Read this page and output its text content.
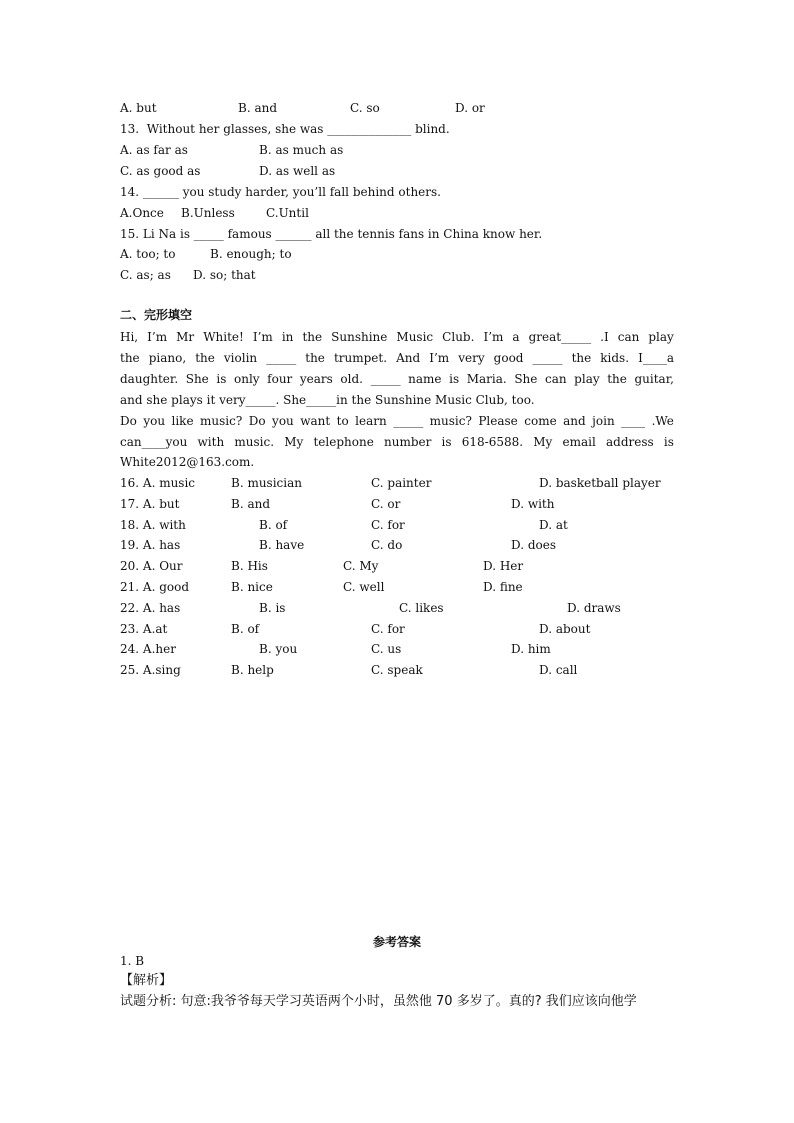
A. but	B. and	C. so	D. or
13.  Without her glasses, she was ______________ blind.
A. as far as	B. as much as
C. as good as	D. as well as
14. ______ you study harder, you’ll fall behind others.
A.Once B.Unless	C.Until
15. Li Na is _____ famous ______ all the tennis fans in China know her.
A. too; to	B. enough; to
C. as; as D. so; that
二、完形填空
Hi, I’m Mr White! I’m in the Sunshine Music Club. I’m a great_____ .I can play
the piano, the violin _____ the trumpet. And I’m very good _____ the kids. I____a
daughter. She is only four years old. _____ name is Maria. She can play the guitar,
and she plays it very_____. She_____in the Sunshine Music Club, too.
Do you like music? Do you want to learn _____ music? Please come and join ____ .We
can____you with music. My telephone number is 618-6588. My email address is
White2012@163.com.
16. A. music	B. musician	C. painter	D. basketball player
17. A. but	B. and	C. or	D. with
18. A. with	B. of	C. for	D. at
19. A. has	B. have	C. do	D. does
20. A. Our	B. His	C. My	D. Her
21. A. good	B. nice	C. well	D. fine
22. A. has	B. is	C. likes	D. draws
23. A.at	B. of	C. for	D. about
24. A.her	B. you	C. us	D. him
25. A.sing	B. help	C. speak	D. call
参考答案
1. B
【解析】
试题分析: 句意:我爷爷每天学习英语两个小时，虽然他 70 多岁了。真的? 我们应该向他学
